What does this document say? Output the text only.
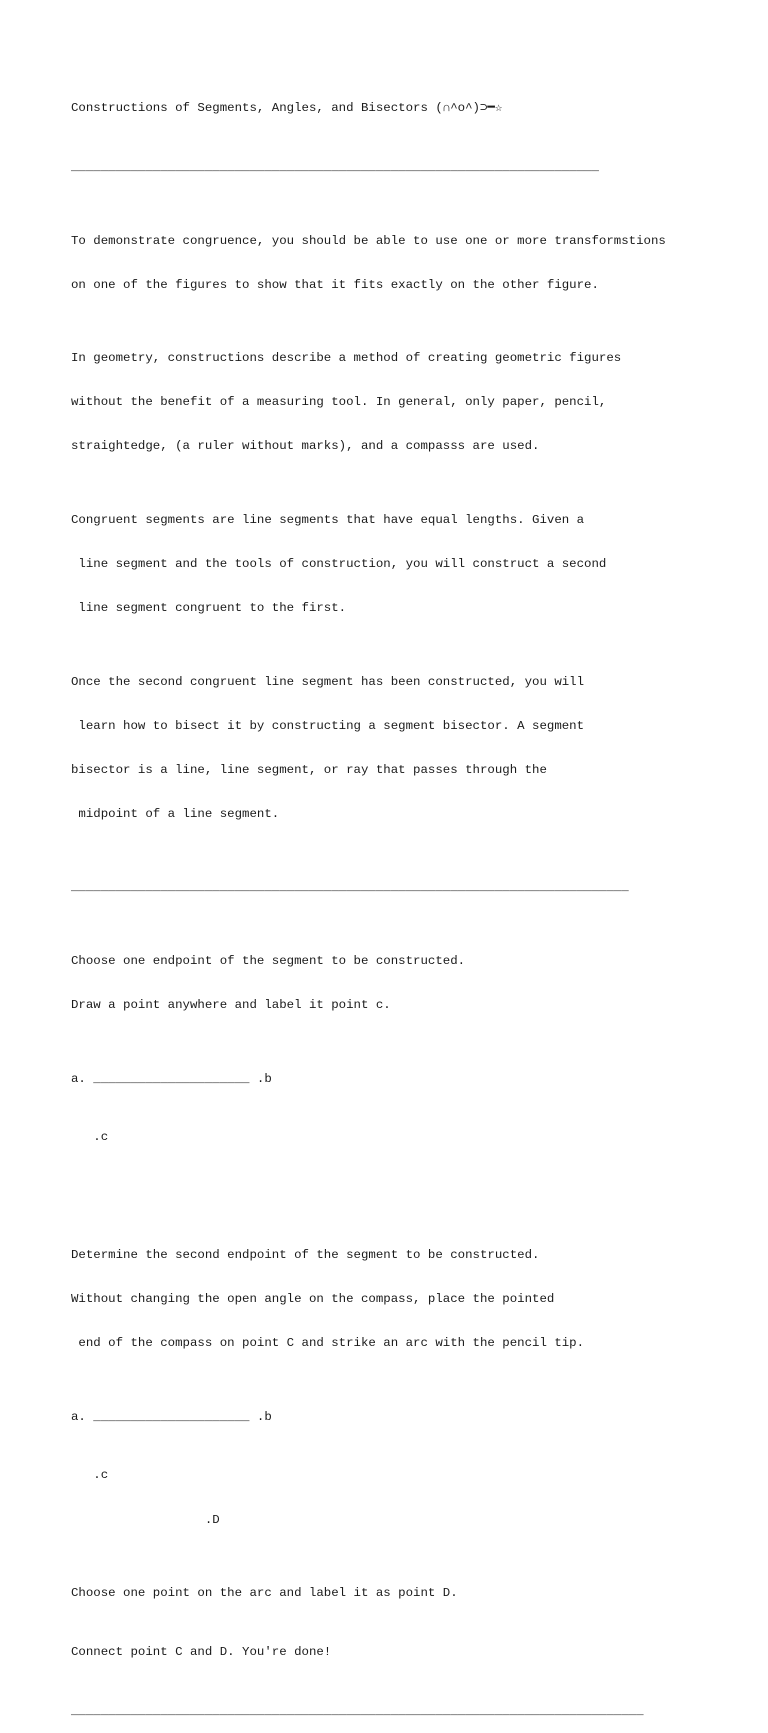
Constructions of Segments, Angles, and Bisectors (∩^o^)⊃━☆

_______________________________________________________________________

To demonstrate congruence, you should be able to use one or more transformstions

on one of the figures to show that it fits exactly on the other figure.

In geometry, constructions describe a method of creating geometric figures

without the benefit of a measuring tool. In general, only paper, pencil,

straightedge, (a ruler without marks), and a compasss are used.

Congruent segments are line segments that have equal lengths. Given a

line segment and the tools of construction, you will construct a second

line segment congruent to the first.

Once the second congruent line segment has been constructed, you will

learn how to bisect it by constructing a segment bisector. A segment

bisector is a line, line segment, or ray that passes through the

midpoint of a line segment.

___________________________________________________________________________

Choose one endpoint of the segment to be constructed.

Draw a point anywhere and label it point c.

a. _____________________ .b

.c

Determine the second endpoint of the segment to be constructed.

Without changing the open angle on the compass, place the pointed

end of the compass on point C and strike an arc with the pencil tip.

a. _____________________ .b

.c

.D

Choose one point on the arc and label it as point D.

Connect point C and D. You're done!

_____________________________________________________________________________
